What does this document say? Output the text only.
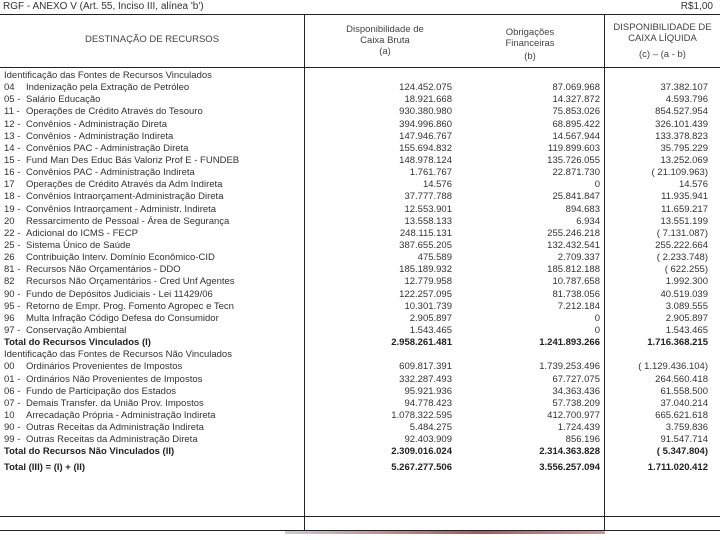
RGF - ANEXO V (Art. 55, Inciso III, alínea 'b')	R$1,00
DESTINAÇÃO DE RECURSOS
Disponibilidade de
Caixa Bruta
(a)
Obrigações
Financeiras
(b)
DISPONIBILIDADE DE
CAIXA LÍQUIDA
(c) – (a - b)
Identificação das Fontes de Recursos Vinculados
04 Indenização pela Extração de Petróleo	124.452.075	87.069.968	37.382.107
05 - Salário Educação	18.921.668	14.327.872	4.593.796
11 - Operações de Crédito Através do Tesouro	930.380.980	75.853.026	854.527.954
12 - Convênios - Administração Direta	394.996.860	68.895.422	326.101.439
13 - Convênios - Administração Indireta	147.946.767	14.567.944	133.378.823
14 - Convênios PAC - Administração Direta	155.694.832	119.899.603	35.795.229
15 - Fund Man Des Educ Bás Valoriz Prof E - FUNDEB	148.978.124	135.726.055	13.252.069
16 - Convênios PAC - Administração Indireta	1.761.767	22.871.730	( 21.109.963)
17 Operações de Crédito Através da Adm Indireta	14.576	0	14.576
18 - Convênios Intraorçament-Administração Direta	37.777.788	25.841.847	11.935.941
19 - Convênios Intraorçament - Administr. Indireta	12.553.901	894.683	11.659.217
20 Ressarcimento de Pessoal - Área de Segurança	13.558.133	6.934	13.551.199
22 - Adicional do ICMS - FECP	248.115.131	255.246.218	( 7.131.087)
25 - Sistema Único de Saúde	387.655.205	132.432.541	255.222.664
26 Contribuição Interv. Domínio Econômico-CID	475.589	2.709.337	( 2.233.748)
81 - Recursos Não Orçamentários - DDO	185.189.932	185.812.188	( 622.255)
82 Recursos Não Orçamentários - Cred Unf Agentes	12.779.958	10.787.658	1.992.300
90 - Fundo de Depósitos Judiciais - Lei 11429/06	122.257.095	81.738.056	40.519.039
95 - Retorno de Empr. Prog. Fomento Agropec e Tecn	10.301.739	7.212.184	3.089.555
96 Multa Infração Código Defesa do Consumidor	2.905.897	0	2.905.897
97 - Conservação Ambiental	1.543.465	0	1.543.465
Total do Recursos Vinculados (I)	2.958.261.481	1.241.893.266	1.716.368.215
Identificação das Fontes de Recursos Não Vinculados
00 Ordinários Provenientes de Impostos	609.817.391	1.739.253.496	( 1.129.436.104)
01 - Ordinários Não Provenientes de Impostos	332.287.493	67.727.075	264.560.418
06 - Fundo de Participação dos Estados	95.921.936	34.363.436	61.558.500
07 - Demais Transfer. da União Prov. Impostos	94.778.423	57.738.209	37.040.214
10 Arrecadação Própria - Administração Indireta	1.078.322.595	412.700.977	665.621.618
90 - Outras Receitas da Administração Indireta	5.484.275	1.724.439	3.759.836
99 - Outras Receitas da Administração Direta	92.403.909	856.196	91.547.714
Total do Recursos Não Vinculados (II)	2.309.016.024	2.314.363.828	( 5.347.804)
Total (III) = (I) + (II)	5.267.277.506	3.556.257.094	1.711.020.412
